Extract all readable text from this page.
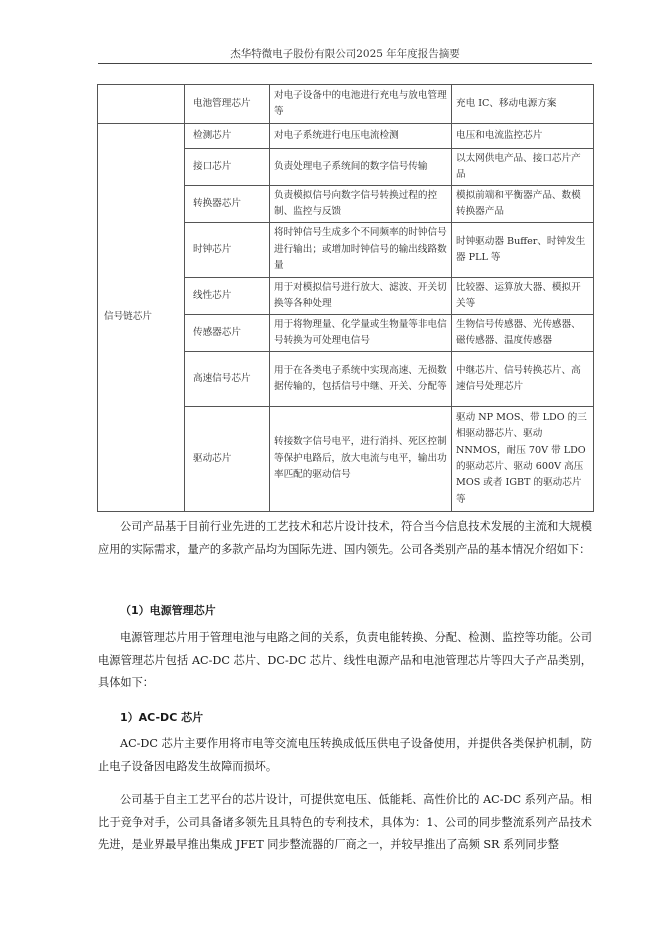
杰华特微电子股份有限公司2025 年年度报告摘要
	电池管理芯片	对电子设备中的电池进行充电与放电管理等	充电 IC、移动电源方案
信号链芯片	检测芯片	对电子系统进行电压电流检测	电压和电流监控芯片
	接口芯片	负责处理电子系统间的数字信号传输	以太网供电产品、接口芯片产品
	转换器芯片	负责模拟信号向数字信号转换过程的控制、监控与反馈	模拟前端和平衡器产品、数模转换器产品
	时钟芯片	将时钟信号生成多个不同频率的时钟信号进行输出；或增加时钟信号的输出线路数量	时钟驱动器 Buffer、时钟发生器 PLL 等
	线性芯片	用于对模拟信号进行放大、滤波、开关切换等各种处理	比较器、运算放大器、模拟开关等
	传感器芯片	用于将物理量、化学量或生物量等非电信号转换为可处理电信号	生物信号传感器、光传感器、磁传感器、温度传感器
	高速信号芯片	用于在各类电子系统中实现高速、无损数据传输的，包括信号中继、开关、分配等	中继芯片、信号转换芯片、高速信号处理芯片
	驱动芯片	转接数字信号电平，进行消抖、死区控制等保护电路后，放大电流与电平，输出功率匹配的驱动信号	驱动 NP MOS、带 LDO 的三相驱动器芯片、驱动 NNMOS，耐压 70V 带 LDO 的驱动芯片、驱动 600V 高压 MOS 或者 IGBT 的驱动芯片等

公司产品基于目前行业先进的工艺技术和芯片设计技术，符合当今信息技术发展的主流和大规模应用的实际需求，量产的多款产品均为国际先进、国内领先。公司各类别产品的基本情况介绍如下：

（1）电源管理芯片

电源管理芯片用于管理电池与电路之间的关系，负责电能转换、分配、检测、监控等功能。公司电源管理芯片包括 AC-DC 芯片、DC-DC 芯片、线性电源产品和电池管理芯片等四大子产品类别，具体如下：

1）AC-DC 芯片

AC-DC 芯片主要作用将市电等交流电压转换成低压供电子设备使用，并提供各类保护机制，防止电子设备因电路发生故障而损坏。

公司基于自主工艺平台的芯片设计，可提供宽电压、低能耗、高性价比的 AC-DC 系列产品。相比于竞争对手，公司具备诸多领先且具特色的专利技术，具体为：1、公司的同步整流系列产品技术先进，是业界最早推出集成 JFET 同步整流器的厂商之一，并较早推出了高频 SR 系列同步整
